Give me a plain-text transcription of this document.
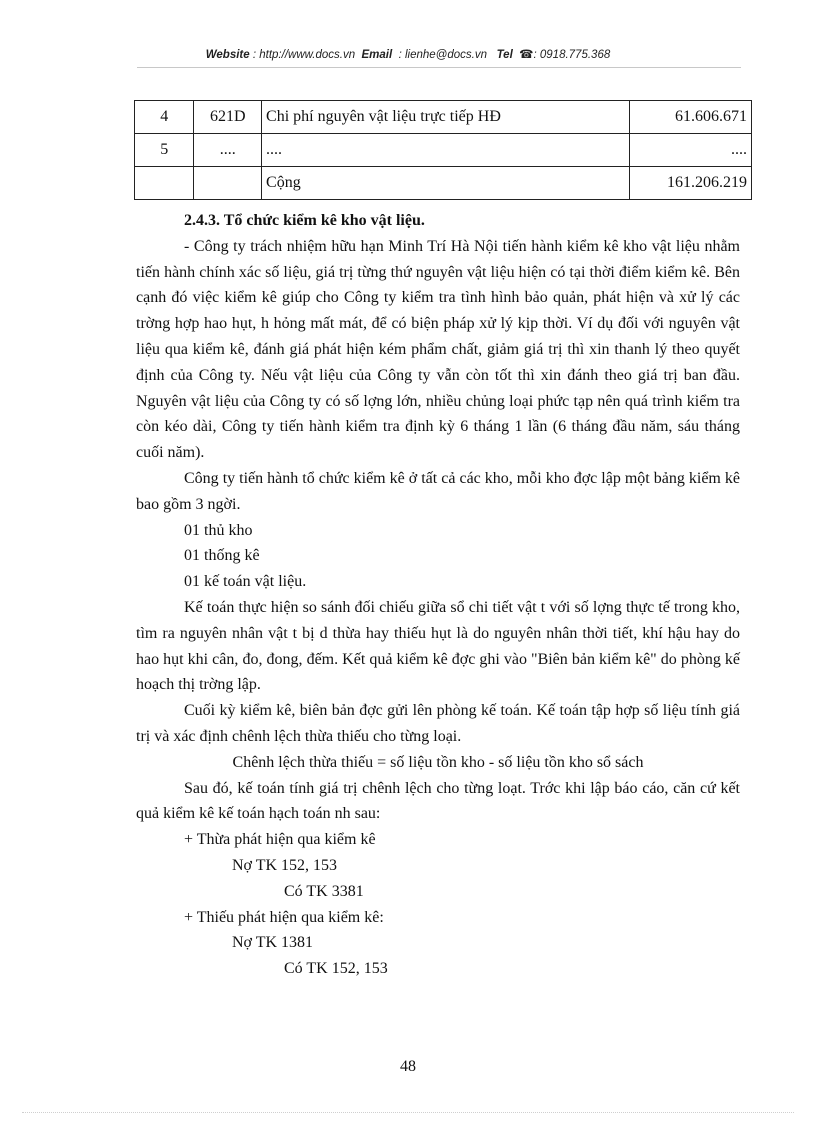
Website : http://www.docs.vn Email : lienhe@docs.vn Tel ☎: 0918.775.368
4	621D	Chi phí nguyên vật liệu trực tiếp HĐ	61.606.671
5	....	....	....
		Cộng	161.206.219

2.4.3. Tổ chức kiểm kê kho vật liệu.

- Công ty trách nhiệm hữu hạn Minh Trí Hà Nội tiến hành kiểm kê kho vật liệu nhằm tiến hành chính xác số liệu, giá trị từng thứ nguyên vật liệu hiện có tại thời điểm kiểm kê. Bên cạnh đó việc kiểm kê giúp cho Công ty kiểm tra tình hình bảo quản, phát hiện và xử lý các trờng hợp hao hụt, h hỏng mất mát, để có biện pháp xử lý kịp thời. Ví dụ đối với nguyên vật liệu qua kiểm kê, đánh giá phát hiện kém phẩm chất, giảm giá trị thì xin thanh lý theo quyết định của Công ty. Nếu vật liệu của Công ty vẫn còn tốt thì xin đánh theo giá trị ban đầu. Nguyên vật liệu của Công ty có số lợng lớn, nhiều chủng loại phức tạp nên quá trình kiểm tra còn kéo dài, Công ty tiến hành kiểm tra định kỳ 6 tháng 1 lần (6 tháng đầu năm, sáu tháng cuối năm).

Công ty tiến hành tổ chức kiểm kê ở tất cả các kho, mỗi kho đợc lập một bảng kiểm kê bao gồm 3 ngời.

01 thủ kho

01 thống kê

01 kế toán vật liệu.

Kế toán thực hiện so sánh đối chiếu giữa sổ chi tiết vật t với số lợng thực tế trong kho, tìm ra nguyên nhân vật t bị d thừa hay thiếu hụt là do nguyên nhân thời tiết, khí hậu hay do hao hụt khi cân, đo, đong, đếm. Kết quả kiểm kê đợc ghi vào "Biên bản kiểm kê" do phòng kế hoạch thị trờng lập.

Cuối kỳ kiểm kê, biên bản đợc gửi lên phòng kế toán. Kế toán tập hợp số liệu tính giá trị và xác định chênh lệch thừa thiếu cho từng loại.

Chênh lệch thừa thiếu = số liệu tồn kho - số liệu tồn kho sổ sách

Sau đó, kế toán tính giá trị chênh lệch cho từng loạt. Trớc khi lập báo cáo, căn cứ kết quả kiểm kê kế toán hạch toán nh sau:

+ Thừa phát hiện qua kiểm kê

Nợ TK 152, 153

Có TK 3381

+ Thiếu phát hiện qua kiểm kê:

Nợ TK 1381

Có TK 152, 153

48
